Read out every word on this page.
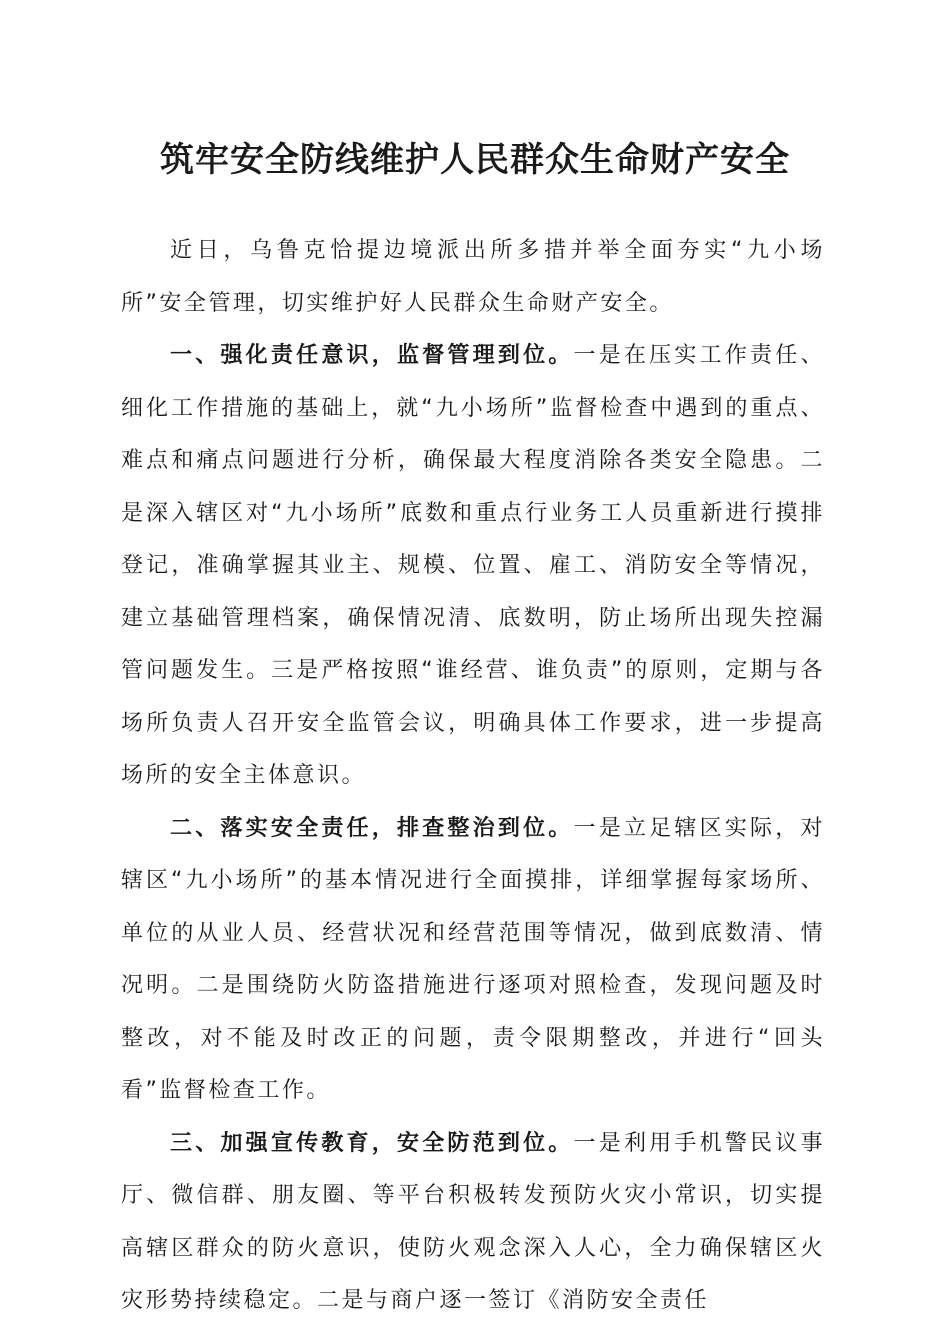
筑牢安全防线维护人民群众生命财产安全

近日，乌鲁克恰提边境派出所多措并举全面夯实“九小场所”安全管理，切实维护好人民群众生命财产安全。

一、强化责任意识，监督管理到位。一是在压实工作责任、细化工作措施的基础上，就“九小场所”监督检查中遇到的重点、难点和痛点问题进行分析，确保最大程度消除各类安全隐患。二是深入辖区对“九小场所”底数和重点行业务工人员重新进行摸排登记，准确掌握其业主、规模、位置、雇工、消防安全等情况，建立基础管理档案，确保情况清、底数明，防止场所出现失控漏管问题发生。三是严格按照“谁经营、谁负责”的原则，定期与各场所负责人召开安全监管会议，明确具体工作要求，进一步提高场所的安全主体意识。

二、落实安全责任，排查整治到位。一是立足辖区实际，对辖区“九小场所”的基本情况进行全面摸排，详细掌握每家场所、单位的从业人员、经营状况和经营范围等情况，做到底数清、情况明。二是围绕防火防盗措施进行逐项对照检查，发现问题及时整改，对不能及时改正的问题，责令限期整改，并进行“回头看”监督检查工作。

三、加强宣传教育，安全防范到位。一是利用手机警民议事厅、微信群、朋友圈、等平台积极转发预防火灾小常识，切实提高辖区群众的防火意识，使防火观念深入人心，全力确保辖区火灾形势持续稳定。二是与商户逐一签订《消防安全责任
